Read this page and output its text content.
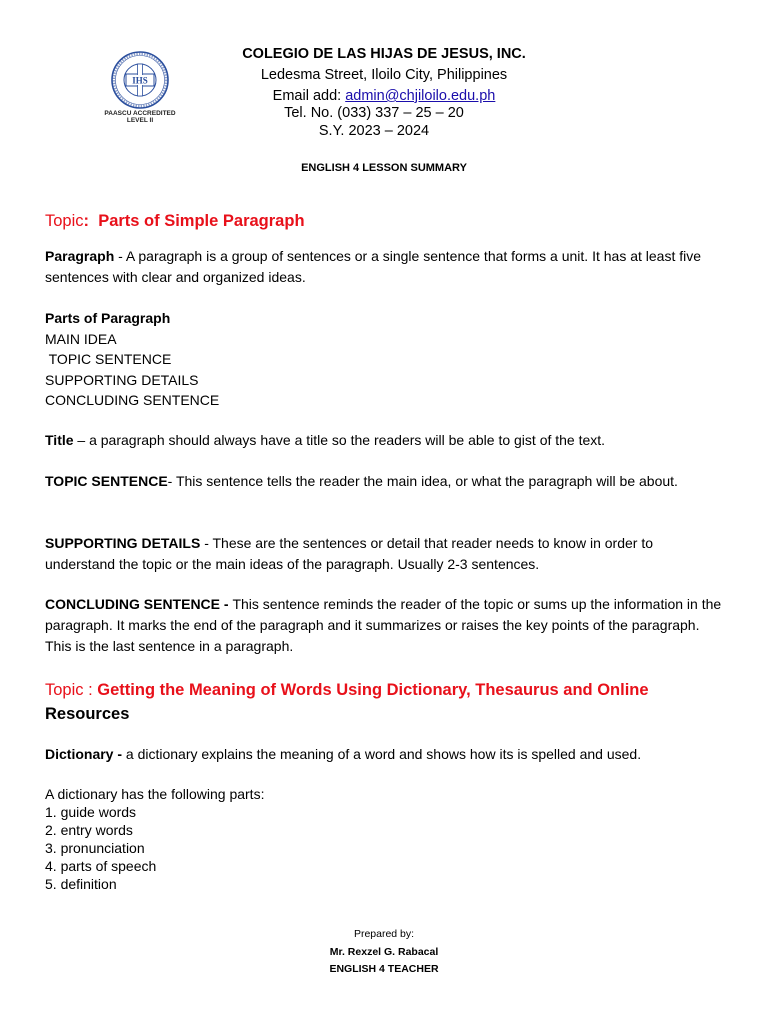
IHS
PAASCU ACCREDITED
LEVEL II
COLEGIO DE LAS HIJAS DE JESUS, INC.
Ledesma Street, Iloilo City, Philippines
Email add: admin@chjiloilo.edu.ph
Tel. No. (033) 337 – 25 – 20
S.Y. 2023 – 2024
ENGLISH 4 LESSON SUMMARY
Topic: Parts of Simple Paragraph

Paragraph - A paragraph is a group of sentences or a single sentence that forms a unit. It has at least five sentences with clear and organized ideas.

Parts of Paragraph
MAIN IDEA
TOPIC SENTENCE
SUPPORTING DETAILS
CONCLUDING SENTENCE

Title – a paragraph should always have a title so the readers will be able to gist of the text.

TOPIC SENTENCE- This sentence tells the reader the main idea, or what the paragraph will be about.

SUPPORTING DETAILS - These are the sentences or detail that reader needs to know in order to understand the topic or the main ideas of the paragraph. Usually 2-3 sentences.

CONCLUDING SENTENCE - This sentence reminds the reader of the topic or sums up the information in the paragraph. It marks the end of the paragraph and it summarizes or raises the key points of the paragraph. This is the last sentence in a paragraph.

Topic : Getting the Meaning of Words Using Dictionary, Thesaurus and Online
Resources

Dictionary - a dictionary explains the meaning of a word and shows how its is spelled and used.

A dictionary has the following parts:
1. guide words
2. entry words
3. pronunciation
4. parts of speech
5. definition
Prepared by:
Mr. Rexzel G. Rabacal
ENGLISH 4 TEACHER
